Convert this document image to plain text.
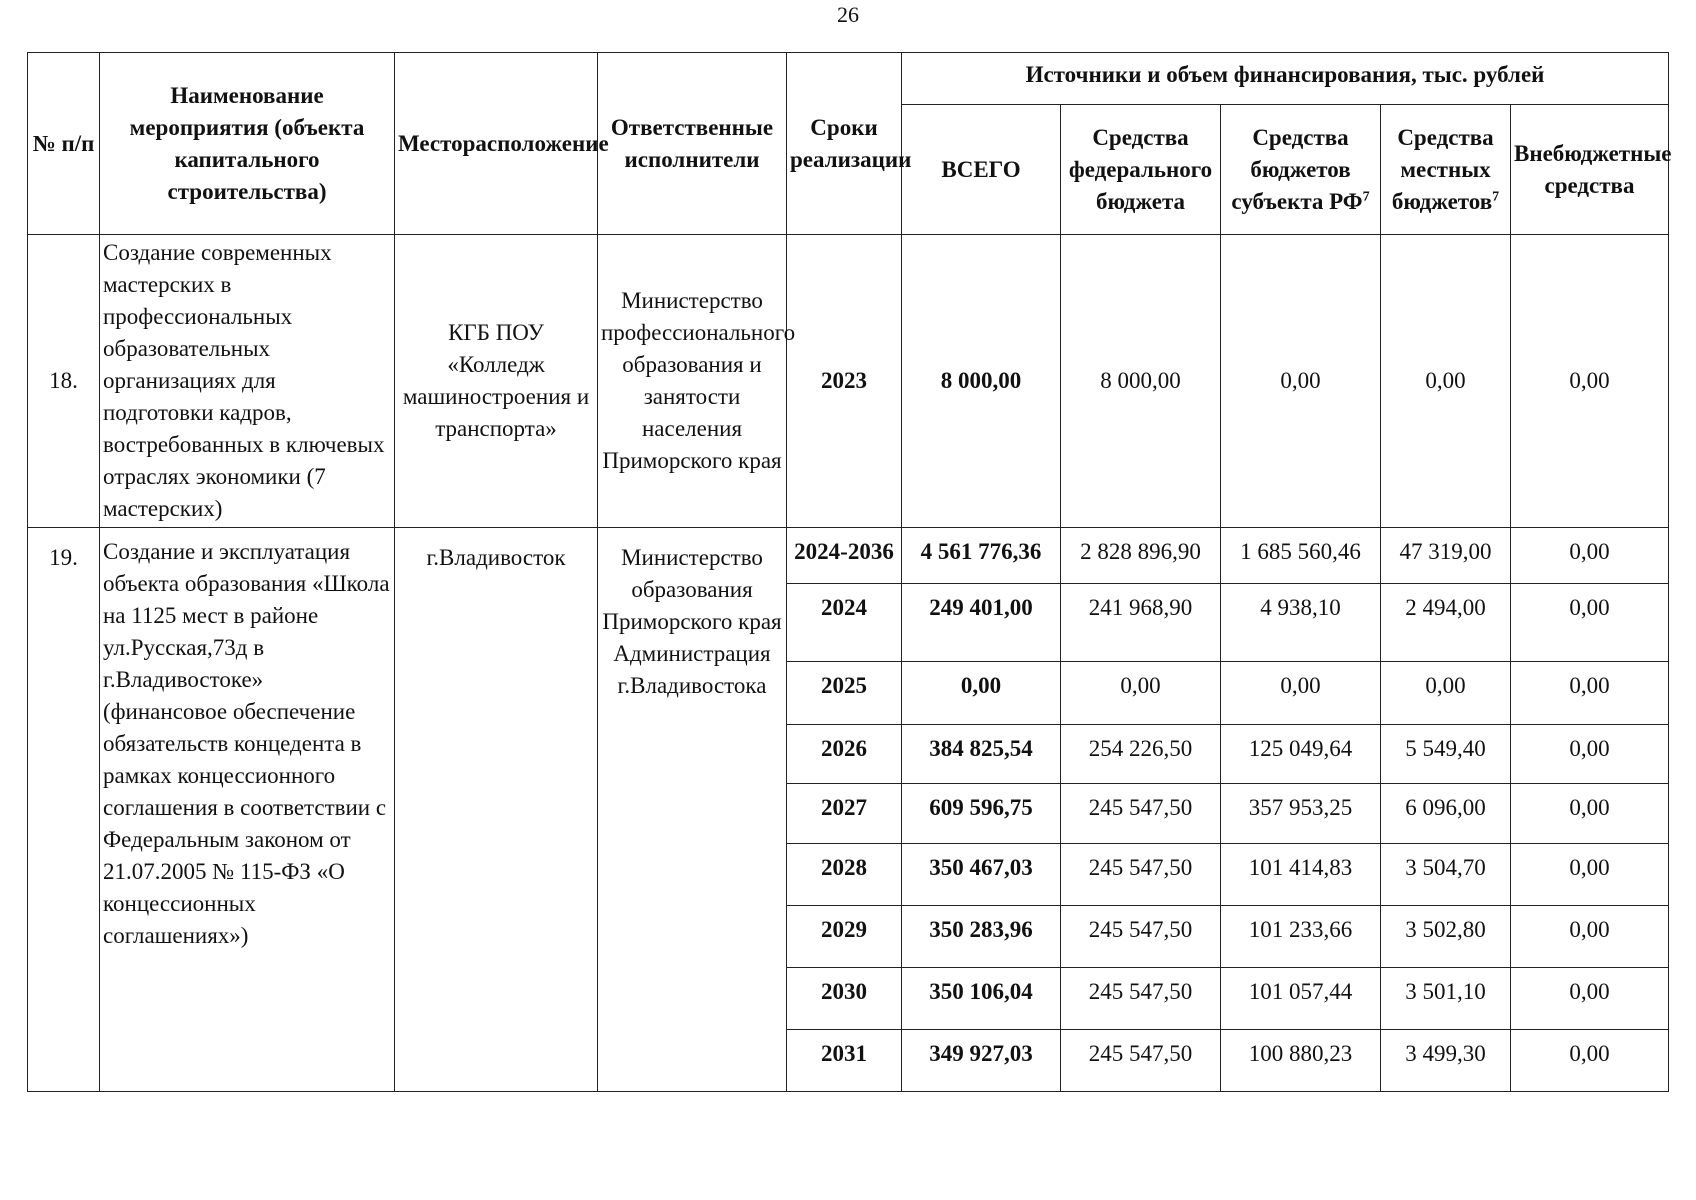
26
№ п/п	Наименование мероприятия (объекта капитального строительства)	Месторасположение	Ответственные исполнители	Сроки реализации	Источники и объем финансирования, тыс. рублей				
					ВСЕГО	Средства федерального бюджета	Средства бюджетов субъекта $РФ^7$	Средства местных бюджетов$^7$	Внебюджетные средства
18.	Создание современных мастерских в профессиональных образовательных организациях для подготовки кадров, востребованных в ключевых отраслях экономики (7 мастерских)	КГБ ПОУ «Колледж машиностроения и транспорта»	Министерство профессионального образования и занятости населения Приморского края	2023	8 000,00	8 000,00	0,00	0,00	0,00
19.	Создание и эксплуатация объекта образования «Школа на 1125 мест в районе ул.Русская,73д в г.Владивостоке» (финансовое обеспечение обязательств концедента в рамках концессионного соглашения в соответствии с Федеральным законом от 21.07.2005 № 115-ФЗ «О концессионных соглашениях»)	г.Владивосток	Министерство образования Приморского края Администрация г.Владивостока	2024-2036	4 561 776,36	2 828 896,90	1 685 560,46	47 319,00	0,00
				2024	249 401,00	241 968,90	4 938,10	2 494,00	0,00
				2025	0,00	0,00	0,00	0,00	0,00
				2026	384 825,54	254 226,50	125 049,64	5 549,40	0,00
				2027	609 596,75	245 547,50	357 953,25	6 096,00	0,00
				2028	350 467,03	245 547,50	101 414,83	3 504,70	0,00
				2029	350 283,96	245 547,50	101 233,66	3 502,80	0,00
				2030	350 106,04	245 547,50	101 057,44	3 501,10	0,00
				2031	349 927,03	245 547,50	100 880,23	3 499,30	0,00
